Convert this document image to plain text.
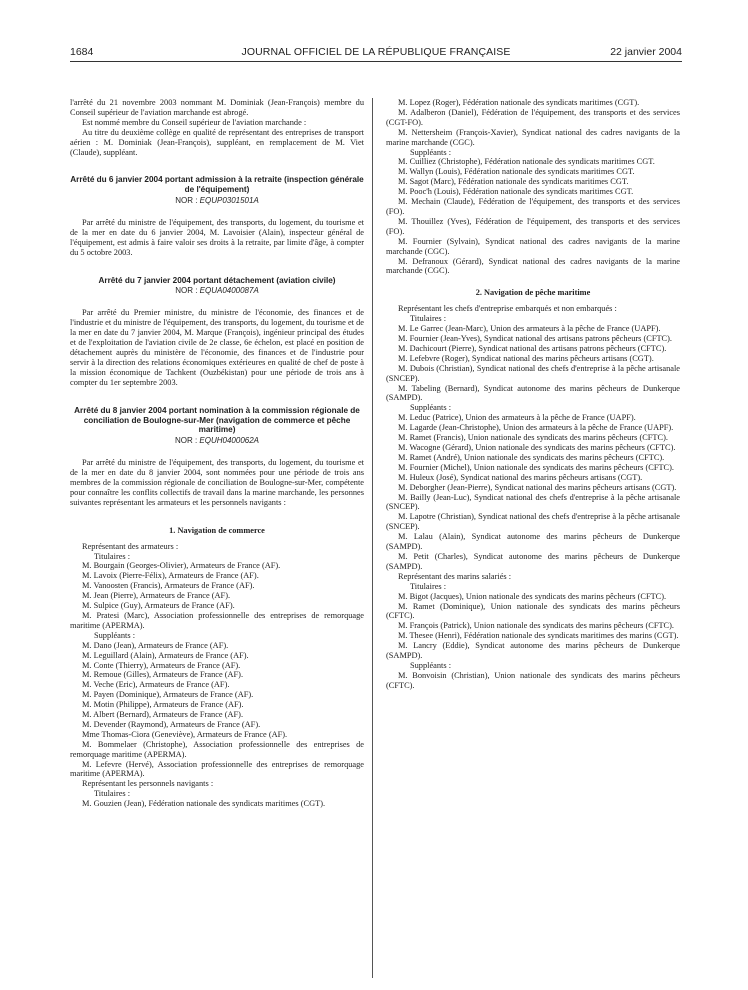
1684	JOURNAL OFFICIEL DE LA RÉPUBLIQUE FRANÇAISE	22 janvier 2004

l'arrêté du 21 novembre 2003 nommant M. Dominiak (Jean-François) membre du Conseil supérieur de l'aviation marchande est abrogé.

Est nommé membre du Conseil supérieur de l'aviation marchande :

Au titre du deuxième collège en qualité de représentant des entreprises de transport aérien : M. Dominiak (Jean-François), suppléant, en remplacement de M. Viet (Claude), suppléant.

Arrêté du 6 janvier 2004 portant admission à la retraite (inspection générale de l'équipement)

NOR : EQUP0301501A

Par arrêté du ministre de l'équipement, des transports, du logement, du tourisme et de la mer en date du 6 janvier 2004, M. Lavoisier (Alain), inspecteur général de l'équipement, est admis à faire valoir ses droits à la retraite, par limite d'âge, à compter du 5 octobre 2003.

Arrêté du 7 janvier 2004 portant détachement (aviation civile)

NOR : EQUA0400087A

Par arrêté du Premier ministre, du ministre de l'économie, des finances et de l'industrie et du ministre de l'équipement, des transports, du logement, du tourisme et de la mer en date du 7 janvier 2004, M. Marque (François), ingénieur principal des études et de l'exploitation de l'aviation civile de 2e classe, 6e échelon, est placé en position de détachement auprès du ministère de l'économie, des finances et de l'industrie pour servir à la direction des relations économiques extérieures en qualité de chef de poste à la mission économique de Tachkent (Ouzbékistan) pour une période de trois ans à compter du 1er septembre 2003.

Arrêté du 8 janvier 2004 portant nomination à la commission régionale de conciliation de Boulogne-sur-Mer (navigation de commerce et pêche maritime)

NOR : EQUH0400062A

Par arrêté du ministre de l'équipement, des transports, du logement, du tourisme et de la mer en date du 8 janvier 2004, sont nommées pour une période de trois ans membres de la commission régionale de conciliation de Boulogne-sur-Mer, compétente pour connaître les conflits collectifs de travail dans la marine marchande, les personnes suivantes représentant les armateurs et les personnels navigants :

1. Navigation de commerce

Représentant des armateurs :

Titulaires :

M. Bourgain (Georges-Olivier), Armateurs de France (AF).

M. Lavoix (Pierre-Félix), Armateurs de France (AF).

M. Vanoosten (Francis), Armateurs de France (AF).

M. Jean (Pierre), Armateurs de France (AF).

M. Sulpice (Guy), Armateurs de France (AF).

M. Pratesi (Marc), Association professionnelle des entreprises de remorquage maritime (APERMA).

Suppléants :

M. Dano (Jean), Armateurs de France (AF).

M. Leguillard (Alain), Armateurs de France (AF).

M. Conte (Thierry), Armateurs de France (AF).

M. Remoue (Gilles), Armateurs de France (AF).

M. Veche (Eric), Armateurs de France (AF).

M. Payen (Dominique), Armateurs de France (AF).

M. Motin (Philippe), Armateurs de France (AF).

M. Albert (Bernard), Armateurs de France (AF).

M. Devender (Raymond), Armateurs de France (AF).

Mme Thomas-Ciora (Geneviève), Armateurs de France (AF).

M. Bommelaer (Christophe), Association professionnelle des entreprises de remorquage maritime (APERMA).

M. Lefevre (Hervé), Association professionnelle des entreprises de remorquage maritime (APERMA).

Représentant les personnels navigants :

Titulaires :

M. Gouzien (Jean), Fédération nationale des syndicats maritimes (CGT).

M. Lopez (Roger), Fédération nationale des syndicats maritimes (CGT).

M. Adalberon (Daniel), Fédération de l'équipement, des transports et des services (CGT-FO).

M. Nettersheim (François-Xavier), Syndicat national des cadres navigants de la marine marchande (CGC).

Suppléants :

M. Cuilliez (Christophe), Fédération nationale des syndicats maritimes CGT.

M. Wallyn (Louis), Fédération nationale des syndicats maritimes CGT.

M. Sagot (Marc), Fédération nationale des syndicats maritimes CGT.

M. Pooc'h (Louis), Fédération nationale des syndicats maritimes CGT.

M. Mechain (Claude), Fédération de l'équipement, des transports et des services (FO).

M. Thouillez (Yves), Fédération de l'équipement, des transports et des services (FO).

M. Fournier (Sylvain), Syndicat national des cadres navigants de la marine marchande (CGC).

M. Defranoux (Gérard), Syndicat national des cadres navigants de la marine marchande (CGC).

2. Navigation de pêche maritime

Représentant les chefs d'entreprise embarqués et non embarqués :

Titulaires :

M. Le Garrec (Jean-Marc), Union des armateurs à la pêche de France (UAPF).

M. Fournier (Jean-Yves), Syndicat national des artisans patrons pêcheurs (CFTC).

M. Dachicourt (Pierre), Syndicat national des artisans patrons pêcheurs (CFTC).

M. Lefebvre (Roger), Syndicat national des marins pêcheurs artisans (CGT).

M. Dubois (Christian), Syndicat national des chefs d'entreprise à la pêche artisanale (SNCEP).

M. Tabeling (Bernard), Syndicat autonome des marins pêcheurs de Dunkerque (SAMPD).

Suppléants :

M. Leduc (Patrice), Union des armateurs à la pêche de France (UAPF).

M. Lagarde (Jean-Christophe), Union des armateurs à la pêche de France (UAPF).

M. Ramet (Francis), Union nationale des syndicats des marins pêcheurs (CFTC).

M. Wacogne (Gérard), Union nationale des syndicats des marins pêcheurs (CFTC).

M. Ramet (André), Union nationale des syndicats des marins pêcheurs (CFTC).

M. Fournier (Michel), Union nationale des syndicats des marins pêcheurs (CFTC).

M. Huleux (José), Syndicat national des marins pêcheurs artisans (CGT).

M. Deborgher (Jean-Pierre), Syndicat national des marins pêcheurs artisans (CGT).

M. Bailly (Jean-Luc), Syndicat national des chefs d'entreprise à la pêche artisanale (SNCEP).

M. Lapotre (Christian), Syndicat national des chefs d'entreprise à la pêche artisanale (SNCEP).

M. Lalau (Alain), Syndicat autonome des marins pêcheurs de Dunkerque (SAMPD).

M. Petit (Charles), Syndicat autonome des marins pêcheurs de Dunkerque (SAMPD).

Représentant des marins salariés :

Titulaires :

M. Bigot (Jacques), Union nationale des syndicats des marins pêcheurs (CFTC).

M. Ramet (Dominique), Union nationale des syndicats des marins pêcheurs (CFTC).

M. François (Patrick), Union nationale des syndicats des marins pêcheurs (CFTC).

M. Thesee (Henri), Fédération nationale des syndicats maritimes des marins (CGT).

M. Lancry (Eddie), Syndicat autonome des marins pêcheurs de Dunkerque (SAMPD).

Suppléants :

M. Bonvoisin (Christian), Union nationale des syndicats des marins pêcheurs (CFTC).
